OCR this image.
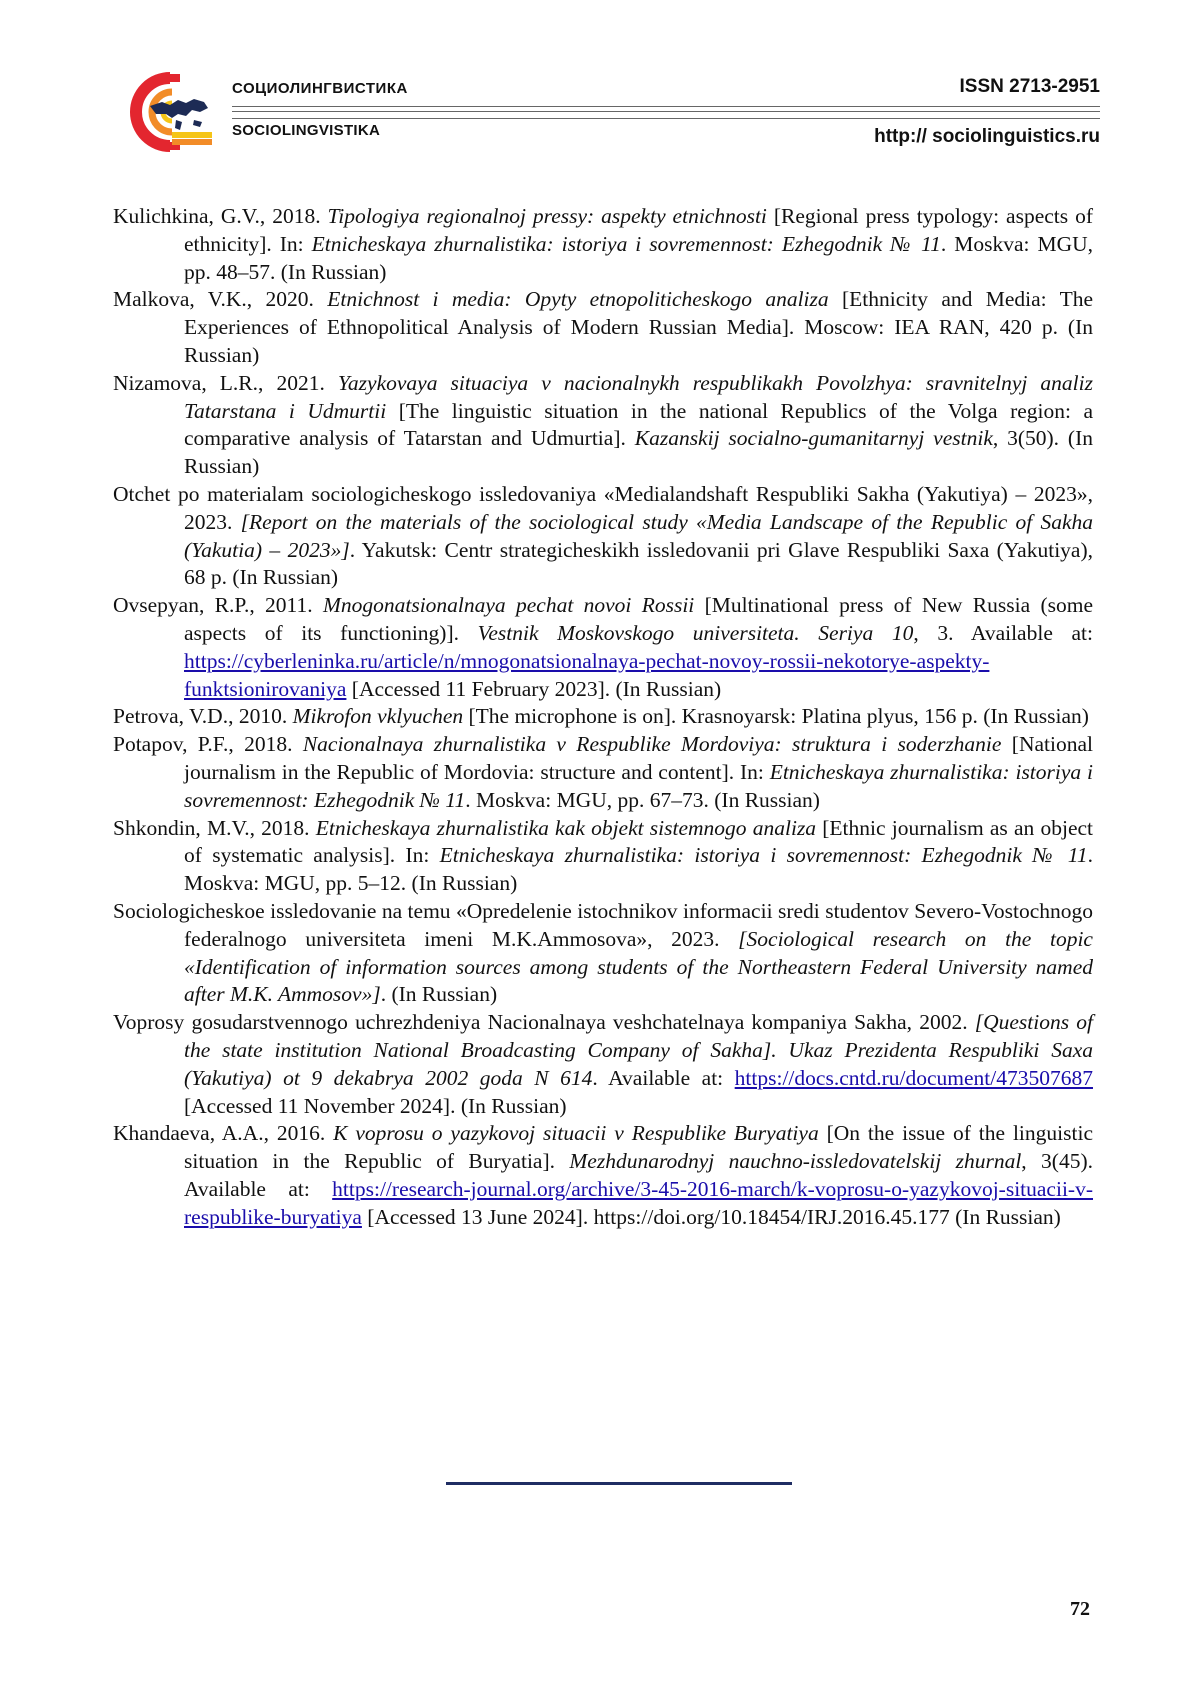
СОЦИОЛИНГВИСТИКА
SOCIOLINGVISTIKA
ISSN 2713-2951
http:// sociolinguistics.ru

Kulichkina, G.V., 2018. Tipologiya regionalnoj pressy: aspekty etnichnosti [Regional press typology: aspects of ethnicity]. In: Etnicheskaya zhurnalistika: istoriya i sovremennost: Ezhegodnik № 11. Moskva: MGU, pp. 48–57. (In Russian)

Malkova, V.K., 2020. Etnichnost i media: Opyty etnopoliticheskogo analiza [Ethnicity and Media: The Experiences of Ethnopolitical Analysis of Modern Russian Media]. Moscow: IEA RAN, 420 p. (In Russian)

Nizamova, L.R., 2021. Yazykovaya situaciya v nacionalnykh respublikakh Povolzhya: sravnitelnyj analiz Tatarstana i Udmurtii [The linguistic situation in the national Republics of the Volga region: a comparative analysis of Tatarstan and Udmurtia]. Kazanskij socialno-gumanitarnyj vestnik, 3(50). (In Russian)

Otchet po materialam sociologicheskogo issledovaniya «Medialandshaft Respubliki Sakha (Yakutiya) – 2023», 2023. [Report on the materials of the sociological study «Media Landscape of the Republic of Sakha (Yakutia) – 2023»]. Yakutsk: Centr strategicheskikh issledovanii pri Glave Respubliki Saxa (Yakutiya), 68 p. (In Russian)

Ovsepyan, R.P., 2011. Mnogonatsionalnaya pechat novoi Rossii [Multinational press of New Russia (some aspects of its functioning)]. Vestnik Moskovskogo universiteta. Seriya 10, 3. Available at: https://cyberleninka.ru/article/n/mnogonatsionalnaya-pechat-novoy-rossii-nekotorye-aspekty-funktsionirovaniya [Accessed 11 February 2023]. (In Russian)

Petrova, V.D., 2010. Mikrofon vklyuchen [The microphone is on]. Krasnoyarsk: Platina plyus, 156 p. (In Russian)

Potapov, P.F., 2018. Nacionalnaya zhurnalistika v Respublike Mordoviya: struktura i soderzhanie [National journalism in the Republic of Mordovia: structure and content]. In: Etnicheskaya zhurnalistika: istoriya i sovremennost: Ezhegodnik № 11. Moskva: MGU, pp. 67–73. (In Russian)

Shkondin, M.V., 2018. Etnicheskaya zhurnalistika kak objekt sistemnogo analiza [Ethnic journalism as an object of systematic analysis]. In: Etnicheskaya zhurnalistika: istoriya i sovremennost: Ezhegodnik № 11. Moskva: MGU, pp. 5–12. (In Russian)

Sociologicheskoe issledovanie na temu «Opredelenie istochnikov informacii sredi studentov Severo-Vostochnogo federalnogo universiteta imeni M.K.Ammosova», 2023. [Sociological research on the topic «Identification of information sources among students of the Northeastern Federal University named after M.K. Ammosov»]. (In Russian)

Voprosy gosudarstvennogo uchrezhdeniya Nacionalnaya veshchatelnaya kompaniya Sakha, 2002. [Questions of the state institution National Broadcasting Company of Sakha]. Ukaz Prezidenta Respubliki Saxa (Yakutiya) ot 9 dekabrya 2002 goda N 614. Available at: https://docs.cntd.ru/document/473507687 [Accessed 11 November 2024]. (In Russian)

Khandaeva, A.A., 2016. K voprosu o yazykovoj situacii v Respublike Buryatiya [On the issue of the linguistic situation in the Republic of Buryatia]. Mezhdunarodnyj nauchno-issledovatelskij zhurnal, 3(45). Available at: https://research-journal.org/archive/3-45-2016-march/k-voprosu-o-yazykovoj-situacii-v-respublike-buryatiya [Accessed 13 June 2024]. https://doi.org/10.18454/IRJ.2016.45.177 (In Russian)

72
